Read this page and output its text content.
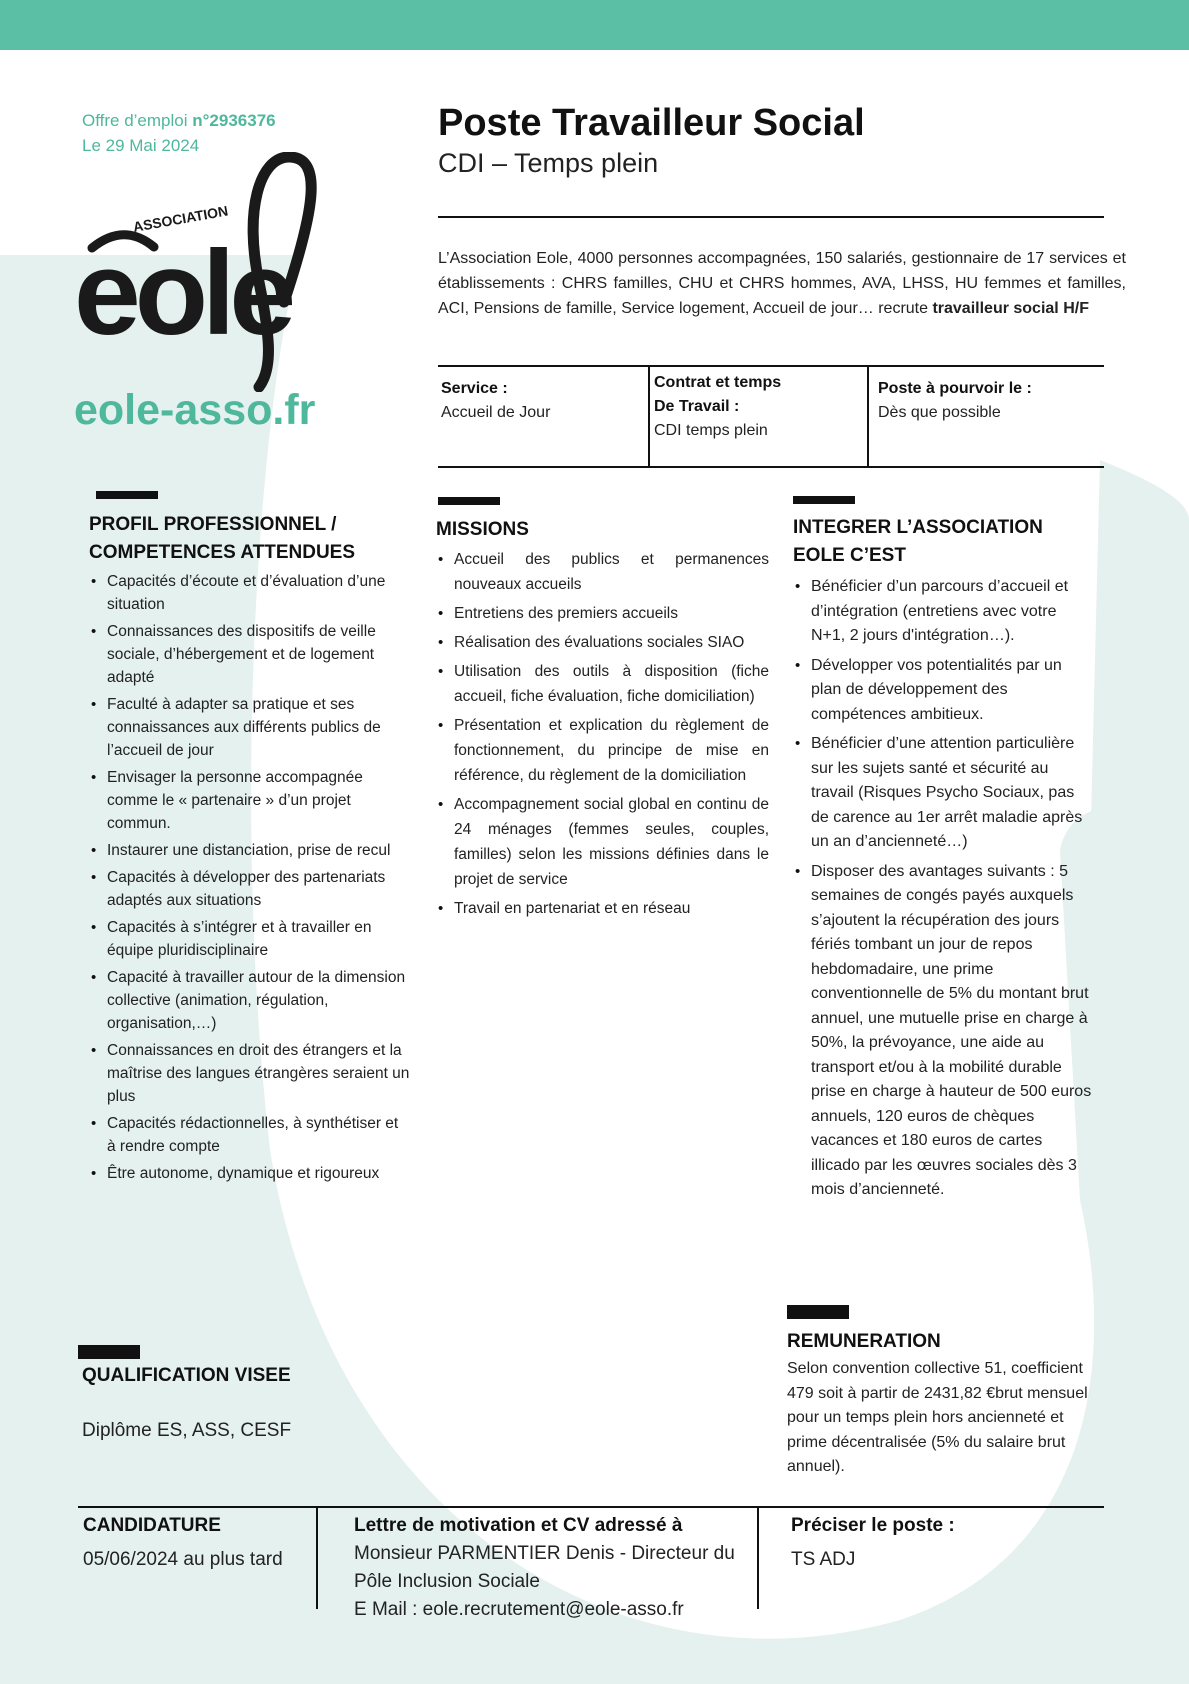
Offre d’emploi n°2936376
Le 29 Mai 2024
ASSOCIATION
eole
eole-asso.fr
Poste Travailleur Social
CDI – Temps plein
L’Association Eole, 4000 personnes accompagnées, 150 salariés, gestionnaire de 17 services et établissements : CHRS familles, CHU et CHRS hommes, AVA, LHSS, HU femmes et familles, ACI, Pensions de famille, Service logement, Accueil de jour… recrute travailleur social H/F
Service :
Accueil de Jour
Contrat et temps
De Travail :
CDI temps plein
Poste à pourvoir le :
Dès que possible
PROFIL PROFESSIONNEL /
COMPETENCES ATTENDUES
• Capacités d’écoute et d’évaluation d’une situation
• Connaissances des dispositifs de veille sociale, d’hébergement et de logement adapté
• Faculté à adapter sa pratique et ses connaissances aux différents publics de l’accueil de jour
• Envisager la personne accompagnée comme le « partenaire » d’un projet commun.
• Instaurer une distanciation, prise de recul
• Capacités à développer des partenariats adaptés aux situations
• Capacités à s’intégrer et à travailler en équipe pluridisciplinaire
• Capacité à travailler autour de la dimension collective (animation, régulation, organisation,…)
• Connaissances en droit des étrangers et la maîtrise des langues étrangères seraient un plus
• Capacités rédactionnelles, à synthétiser et à rendre compte
• Être autonome, dynamique et rigoureux
MISSIONS
• Accueil des publics et permanences nouveaux accueils
• Entretiens des premiers accueils
• Réalisation des évaluations sociales SIAO
• Utilisation des outils à disposition (fiche accueil, fiche évaluation, fiche domiciliation)
• Présentation et explication du règlement de fonctionnement, du principe de mise en référence, du règlement de la domiciliation
• Accompagnement social global en continu de 24 ménages (femmes seules, couples, familles) selon les missions définies dans le projet de service
• Travail en partenariat et en réseau
INTEGRER L’ASSOCIATION
EOLE C’EST
• Bénéficier d’un parcours d’accueil et d’intégration (entretiens avec votre N+1, 2 jours d'intégration…).
• Développer vos potentialités par un plan de développement des compétences ambitieux.
• Bénéficier d’une attention particulière sur les sujets santé et sécurité au travail (Risques Psycho Sociaux, pas de carence au 1er arrêt maladie après un an d’ancienneté…)
• Disposer des avantages suivants : 5 semaines de congés payés auxquels s’ajoutent la récupération des jours fériés tombant un jour de repos hebdomadaire, une prime conventionnelle de 5% du montant brut annuel, une mutuelle prise en charge à 50%, la prévoyance, une aide au transport et/ou à la mobilité durable prise en charge à hauteur de 500 euros annuels, 120 euros de chèques vacances et 180 euros de cartes illicado par les œuvres sociales dès 3 mois d’ancienneté.
QUALIFICATION VISEE
Diplôme ES, ASS, CESF
REMUNERATION
Selon convention collective 51, coefficient 479 soit à partir de 2431,82 €brut mensuel pour un temps plein hors ancienneté et prime décentralisée (5% du salaire brut annuel).
CANDIDATURE
05/06/2024 au plus tard
Lettre de motivation et CV adressé à
Monsieur PARMENTIER Denis - Directeur du
Pôle Inclusion Sociale
E Mail : eole.recrutement@eole-asso.fr
Préciser le poste :
TS ADJ
